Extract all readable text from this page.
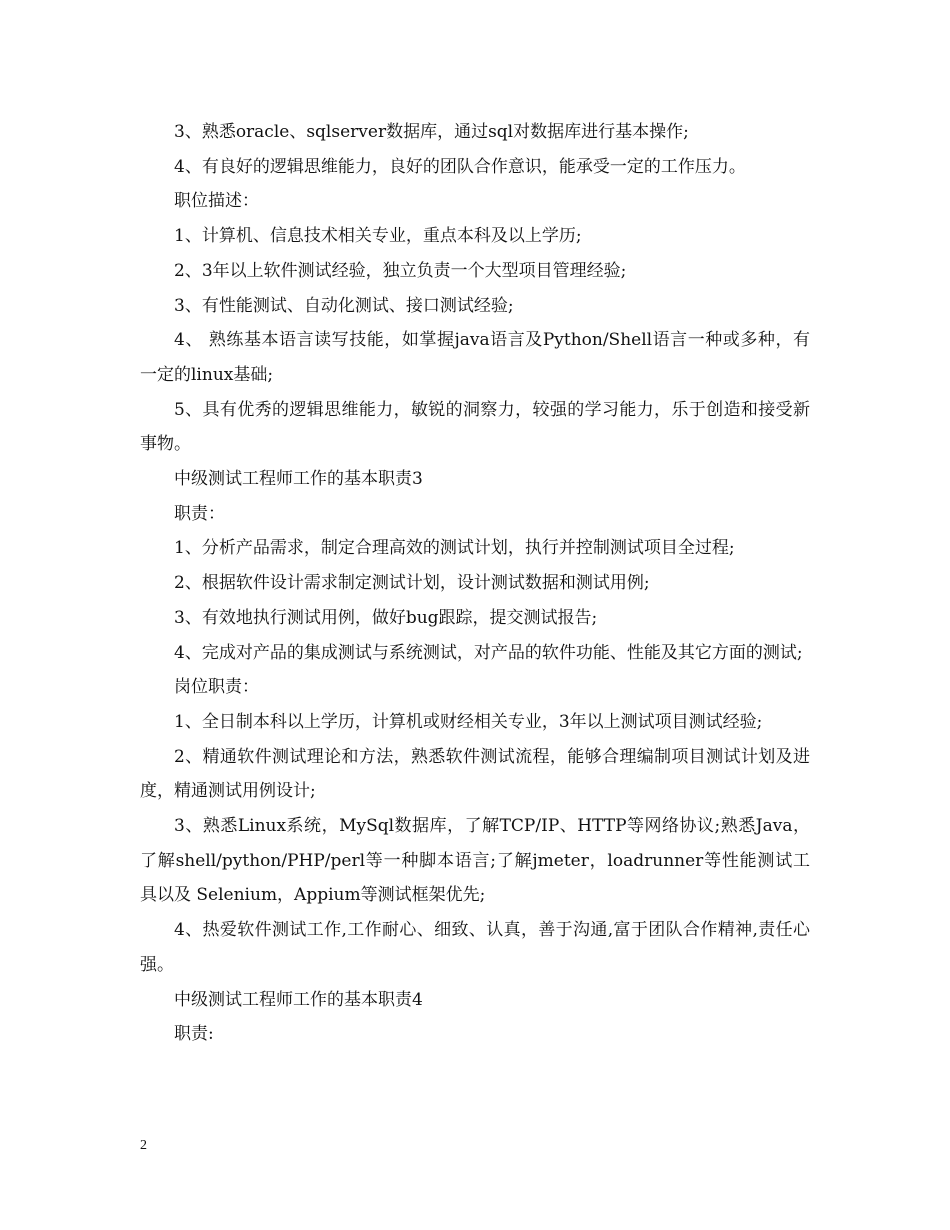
3、熟悉oracle、sqlserver数据库，通过sql对数据库进行基本操作;

4、有良好的逻辑思维能力，良好的团队合作意识，能承受一定的工作压力。

职位描述：

1、计算机、信息技术相关专业，重点本科及以上学历;

2、3年以上软件测试经验，独立负责一个大型项目管理经验;

3、有性能测试、自动化测试、接口测试经验;

4、 熟练基本语言读写技能，如掌握java语言及Python/Shell语言一种或多种，有一定的linux基础;

5、具有优秀的逻辑思维能力，敏锐的洞察力，较强的学习能力，乐于创造和接受新事物。

中级测试工程师工作的基本职责3

职责：

1、分析产品需求，制定合理高效的测试计划，执行并控制测试项目全过程;

2、根据软件设计需求制定测试计划，设计测试数据和测试用例;

3、有效地执行测试用例，做好bug跟踪，提交测试报告;

4、完成对产品的集成测试与系统测试，对产品的软件功能、性能及其它方面的测试;

岗位职责：

1、全日制本科以上学历，计算机或财经相关专业，3年以上测试项目测试经验;

2、精通软件测试理论和方法，熟悉软件测试流程，能够合理编制项目测试计划及进度，精通测试用例设计;

3、熟悉Linux系统，MySql数据库，了解TCP/IP、HTTP等网络协议;熟悉Java，了解shell/python/PHP/perl等一种脚本语言;了解jmeter，loadrunner等性能测试工具以及 Selenium，Appium等测试框架优先;

4、热爱软件测试工作,工作耐心、细致、认真，善于沟通,富于团队合作精神,责任心强。

中级测试工程师工作的基本职责4

职责:

2
